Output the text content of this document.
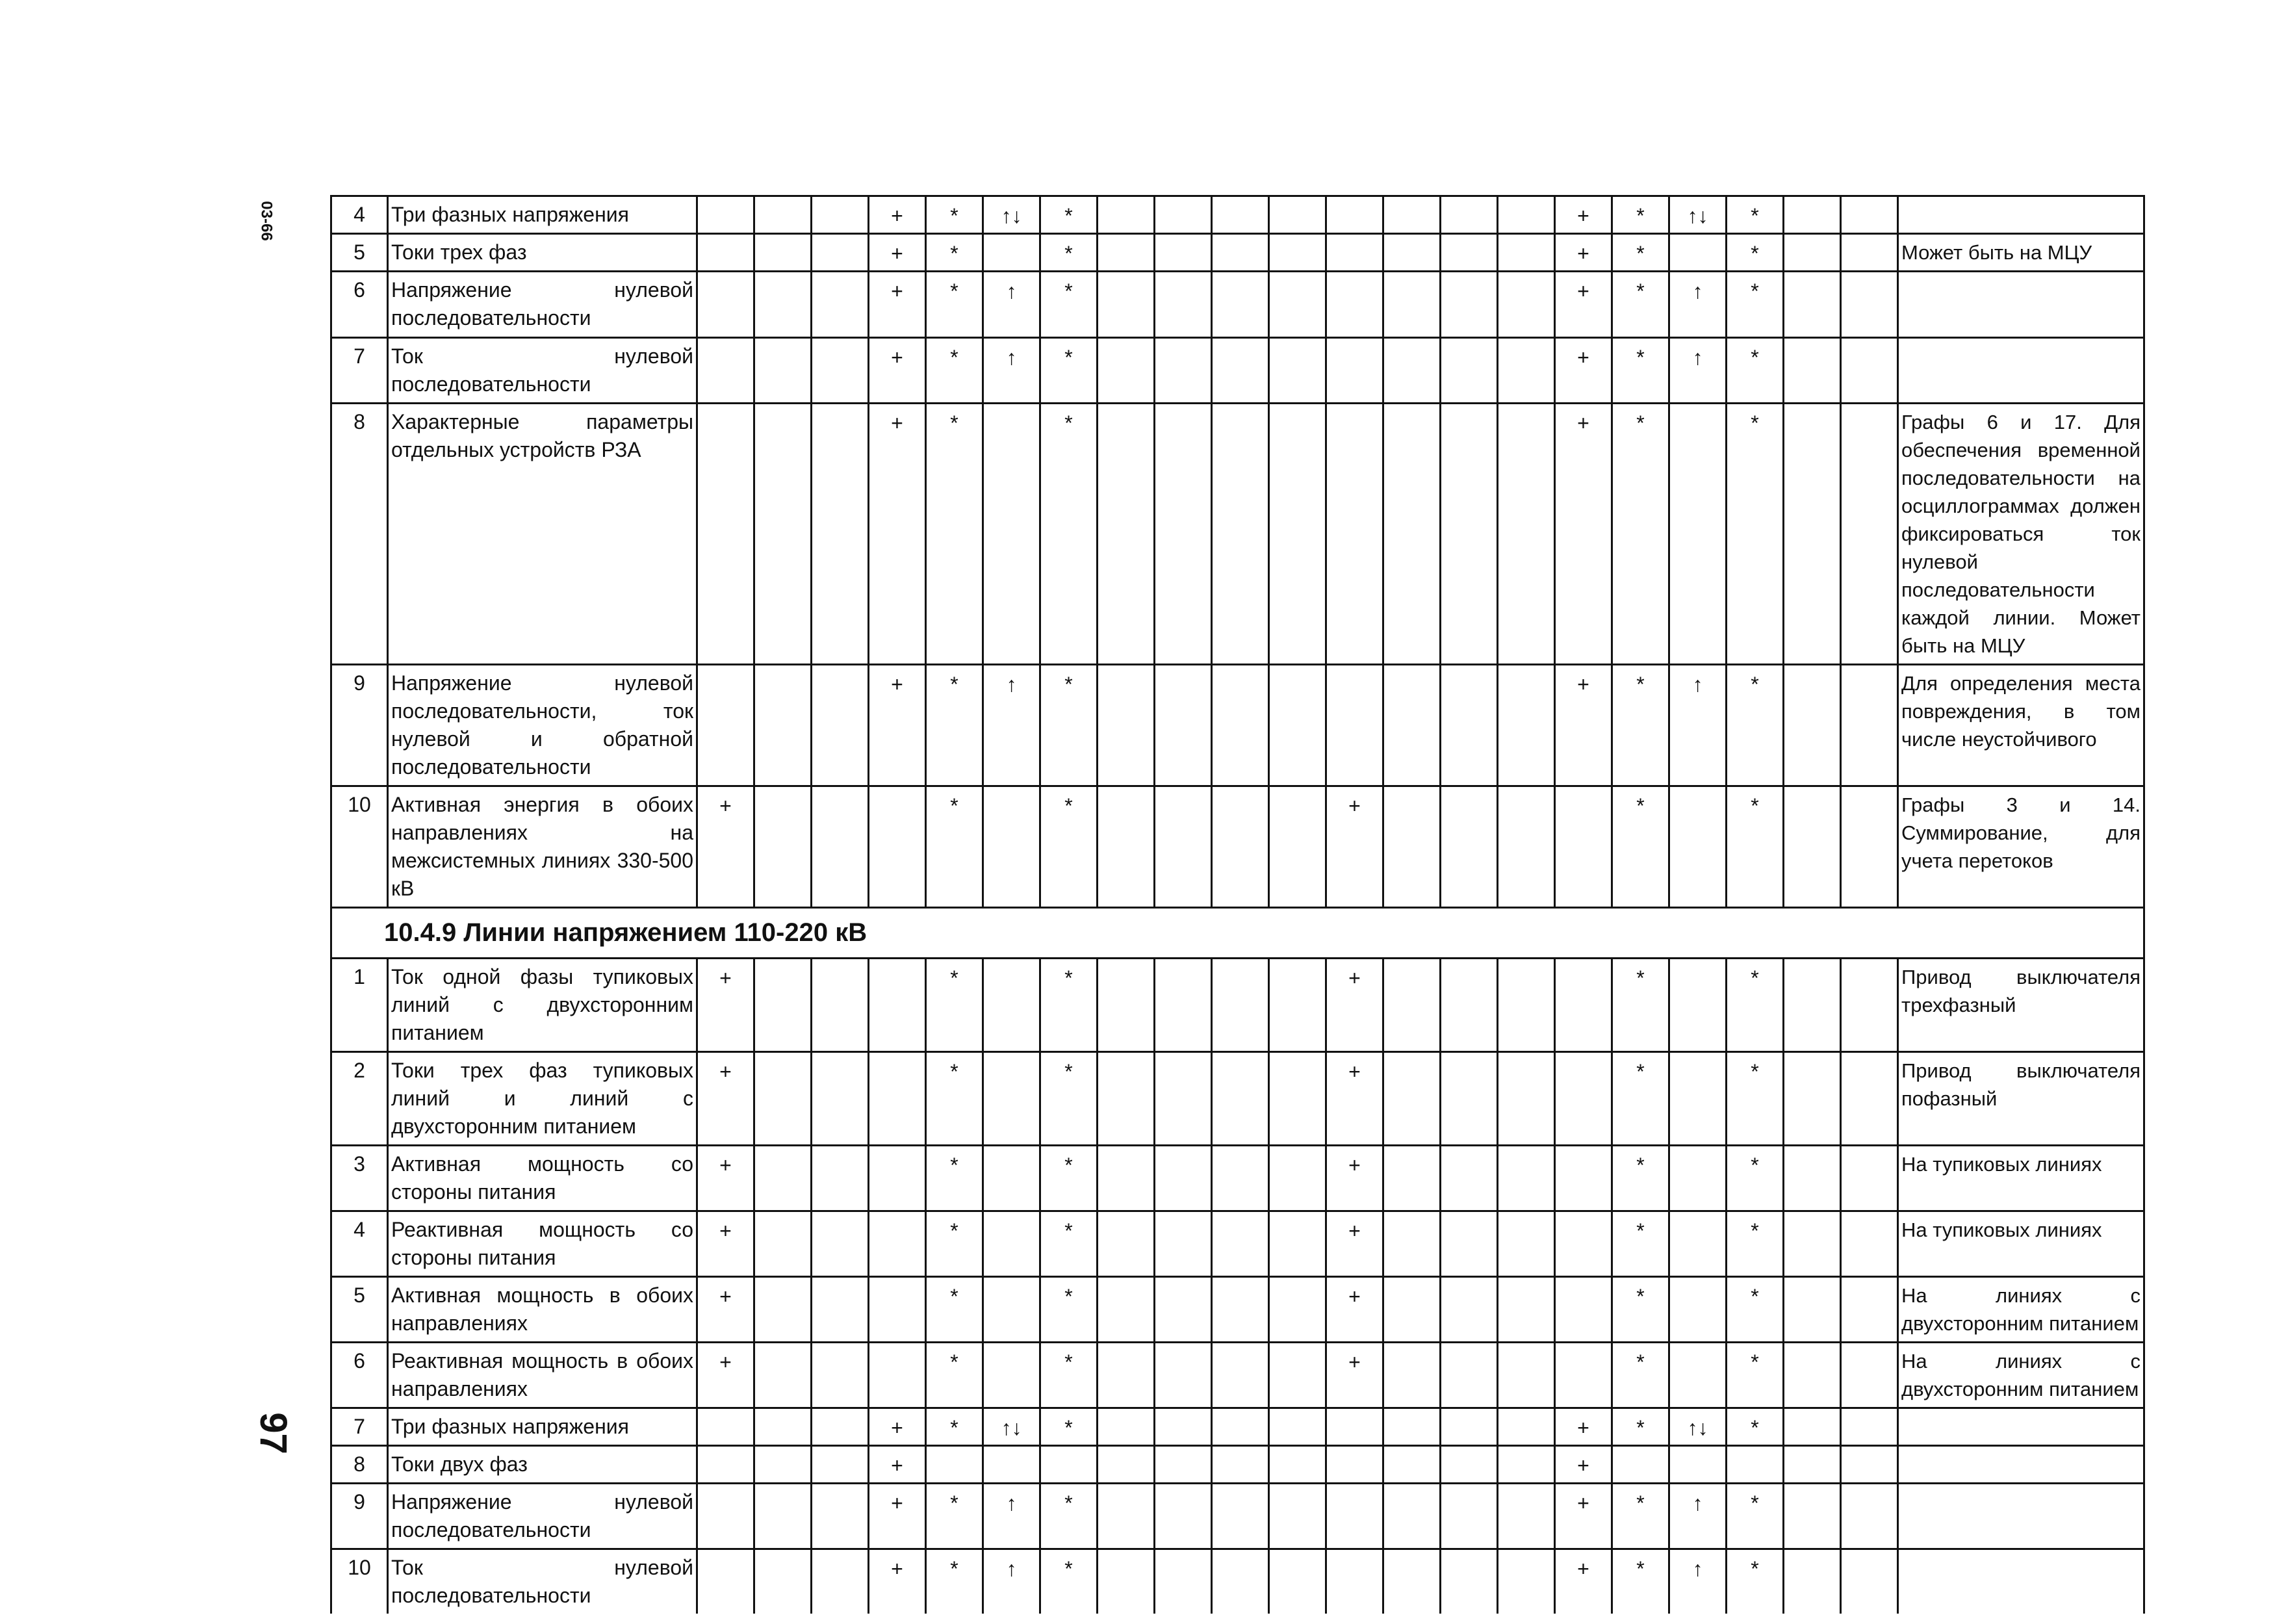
03-66
97
4	Три фазных напряжения				+	*	↑↓	*									+	*	↑↓	*			
5	Токи трех фаз				+	*		*									+	*		*			Может быть на МЦУ
6	Напряжение нулевой последовательности				+	*	↑	*									+	*	↑	*			
7	Ток нулевой последовательности				+	*	↑	*									+	*	↑	*			
8	Характерные параметры отдельных устройств РЗА				+	*		*									+	*		*			Графы 6 и 17. Для обеспечения временной последовательности на осциллограммах должен фиксироваться ток нулевой последовательности каждой линии. Может быть на МЦУ
9	Напряжение нулевой последовательности, ток нулевой и обратной последовательности				+	*	↑	*									+	*	↑	*			Для определения места повреждения, в том числе неустойчивого
10	Активная энергия в обоих направлениях на межсистемных линиях 330-500 кВ	+				*		*					+					*		*			Графы 3 и 14. Суммирование, для учета перетоков
10.4.9 Линии напряжением 110-220 кВ																							
1	Ток одной фазы тупиковых линий с двухсторонним питанием	+				*		*					+					*		*			Привод выключателя трехфазный
2	Токи трех фаз тупиковых линий и линий с двухсторонним питанием	+				*		*					+					*		*			Привод выключателя пофазный
3	Активная мощность со стороны питания	+				*		*					+					*		*			На тупиковых линиях
4	Реактивная мощность со стороны питания	+				*		*					+					*		*			На тупиковых линиях
5	Активная мощность в обоих направлениях	+				*		*					+					*		*			На линиях с двухсторонним питанием
6	Реактивная мощность в обоих направлениях	+				*		*					+					*		*			На линиях с двухсторонним питанием
7	Три фазных напряжения				+	*	↑↓	*									+	*	↑↓	*			
8	Токи двух фаз				+												+						
9	Напряжение нулевой последовательности				+	*	↑	*									+	*	↑	*			
10	Ток нулевой последовательности				+	*	↑	*									+	*	↑	*			
